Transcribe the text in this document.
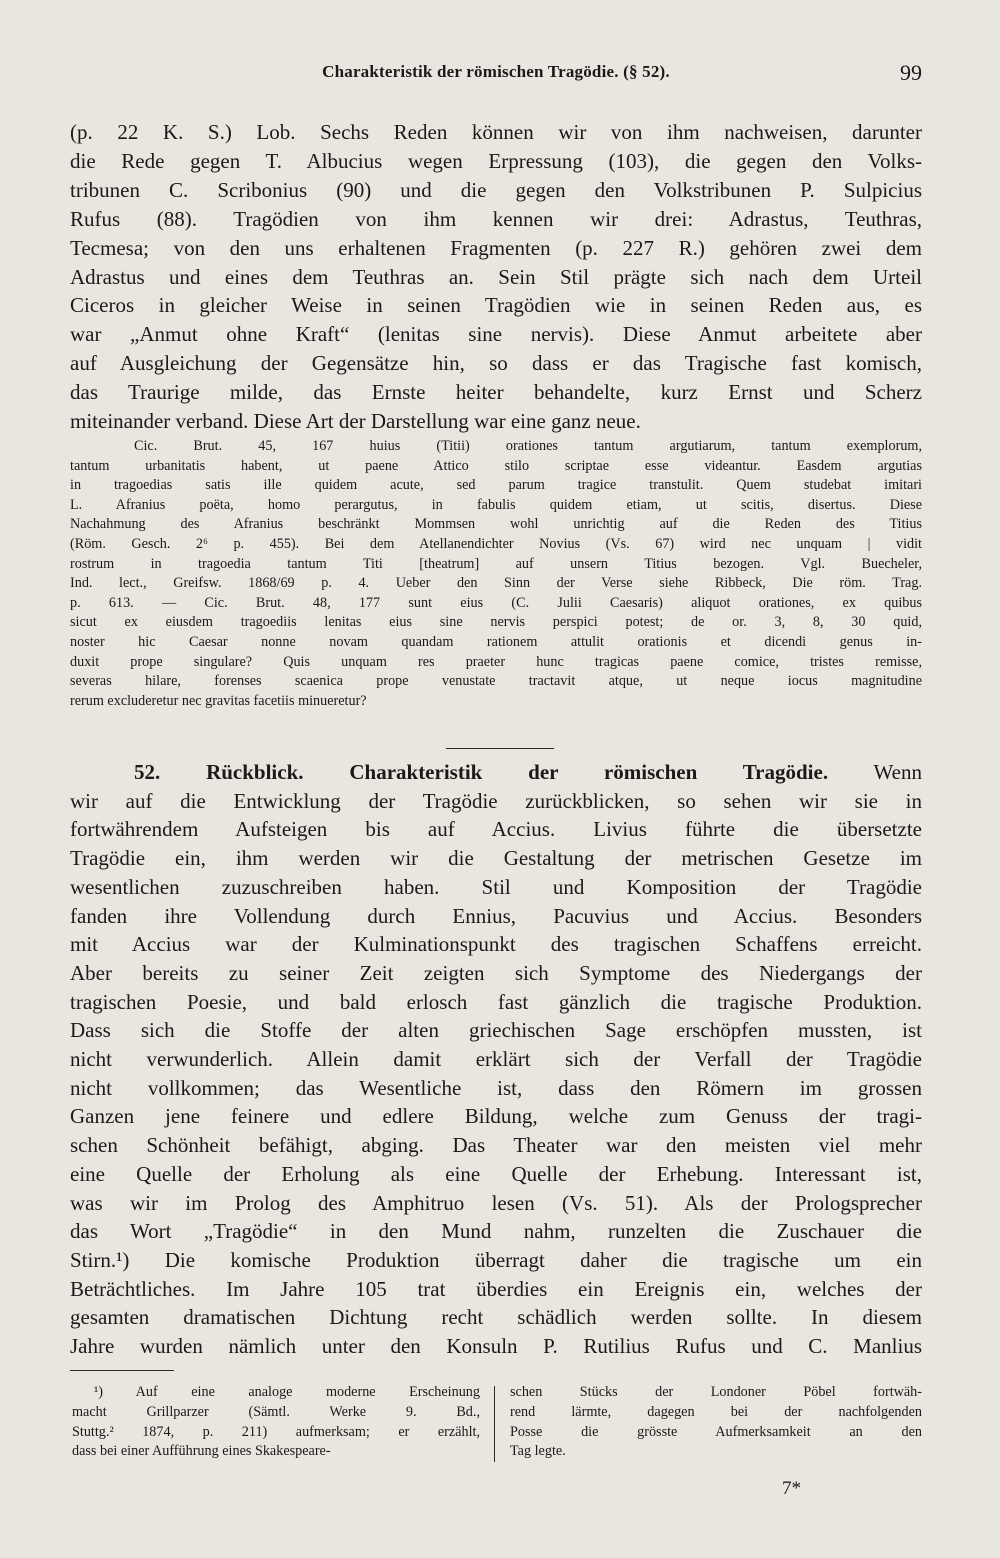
Charakteristik der römischen Tragödie. (§ 52).	99
(p. 22 K. S.) Lob. Sechs Reden können wir von ihm nachweisen, darunter
die Rede gegen T. Albucius wegen Erpressung (103), die gegen den Volks-
tribunen C. Scribonius (90) und die gegen den Volkstribunen P. Sulpicius
Rufus (88). Tragödien von ihm kennen wir drei: Adrastus, Teuthras,
Tecmesa; von den uns erhaltenen Fragmenten (p. 227 R.) gehören zwei dem
Adrastus und eines dem Teuthras an. Sein Stil prägte sich nach dem Urteil
Ciceros in gleicher Weise in seinen Tragödien wie in seinen Reden aus, es
war „Anmut ohne Kraft“ (lenitas sine nervis). Diese Anmut arbeitete aber
auf Ausgleichung der Gegensätze hin, so dass er das Tragische fast komisch,
das Traurige milde, das Ernste heiter behandelte, kurz Ernst und Scherz
miteinander verband. Diese Art der Darstellung war eine ganz neue.
Cic. Brut. 45, 167 huius (Titii) orationes tantum argutiarum, tantum exemplorum,
tantum urbanitatis habent, ut paene Attico stilo scriptae esse videantur. Easdem argutias
in tragoedias satis ille quidem acute, sed parum tragice transtulit. Quem studebat imitari
L. Afranius poëta, homo perargutus, in fabulis quidem etiam, ut scitis, disertus. Diese
Nachahmung des Afranius beschränkt Mommsen wohl unrichtig auf die Reden des Titius
(Röm. Gesch. 2⁶ p. 455). Bei dem Atellanendichter Novius (Vs. 67) wird nec unquam | vidit
rostrum in tragoedia tantum Titi [theatrum] auf unsern Titius bezogen. Vgl. Buecheler,
Ind. lect., Greifsw. 1868/69 p. 4. Ueber den Sinn der Verse siehe Ribbeck, Die röm. Trag.
p. 613. — Cic. Brut. 48, 177 sunt eius (C. Julii Caesaris) aliquot orationes, ex quibus
sicut ex eiusdem tragoediis lenitas eius sine nervis perspici potest; de or. 3, 8, 30 quid,
noster hic Caesar nonne novam quandam rationem attulit orationis et dicendi genus in-
duxit prope singulare? Quis unquam res praeter hunc tragicas paene comice, tristes remisse,
severas hilare, forenses scaenica prope venustate tractavit atque, ut neque iocus magnitudine
rerum excluderetur nec gravitas facetiis minueretur?
52. Rückblick. Charakteristik der römischen Tragödie. Wenn
wir auf die Entwicklung der Tragödie zurückblicken, so sehen wir sie in
fortwährendem Aufsteigen bis auf Accius. Livius führte die übersetzte
Tragödie ein, ihm werden wir die Gestaltung der metrischen Gesetze im
wesentlichen zuzuschreiben haben. Stil und Komposition der Tragödie
fanden ihre Vollendung durch Ennius, Pacuvius und Accius. Besonders
mit Accius war der Kulminationspunkt des tragischen Schaffens erreicht.
Aber bereits zu seiner Zeit zeigten sich Symptome des Niedergangs der
tragischen Poesie, und bald erlosch fast gänzlich die tragische Produktion.
Dass sich die Stoffe der alten griechischen Sage erschöpfen mussten, ist
nicht verwunderlich. Allein damit erklärt sich der Verfall der Tragödie
nicht vollkommen; das Wesentliche ist, dass den Römern im grossen
Ganzen jene feinere und edlere Bildung, welche zum Genuss der tragi-
schen Schönheit befähigt, abging. Das Theater war den meisten viel mehr
eine Quelle der Erholung als eine Quelle der Erhebung. Interessant ist,
was wir im Prolog des Amphitruo lesen (Vs. 51). Als der Prologsprecher
das Wort „Tragödie“ in den Mund nahm, runzelten die Zuschauer die
Stirn.¹) Die komische Produktion überragt daher die tragische um ein
Beträchtliches. Im Jahre 105 trat überdies ein Ereignis ein, welches der
gesamten dramatischen Dichtung recht schädlich werden sollte. In diesem
Jahre wurden nämlich unter den Konsuln P. Rutilius Rufus und C. Manlius
¹) Auf eine analoge moderne Erscheinung
macht Grillparzer (Sämtl. Werke 9. Bd.,
Stuttg.² 1874, p. 211) aufmerksam; er erzählt,
dass bei einer Aufführung eines Skakespeare-
schen Stücks der Londoner Pöbel fortwäh-
rend lärmte, dagegen bei der nachfolgenden
Posse die grösste Aufmerksamkeit an den
Tag legte.
7*
